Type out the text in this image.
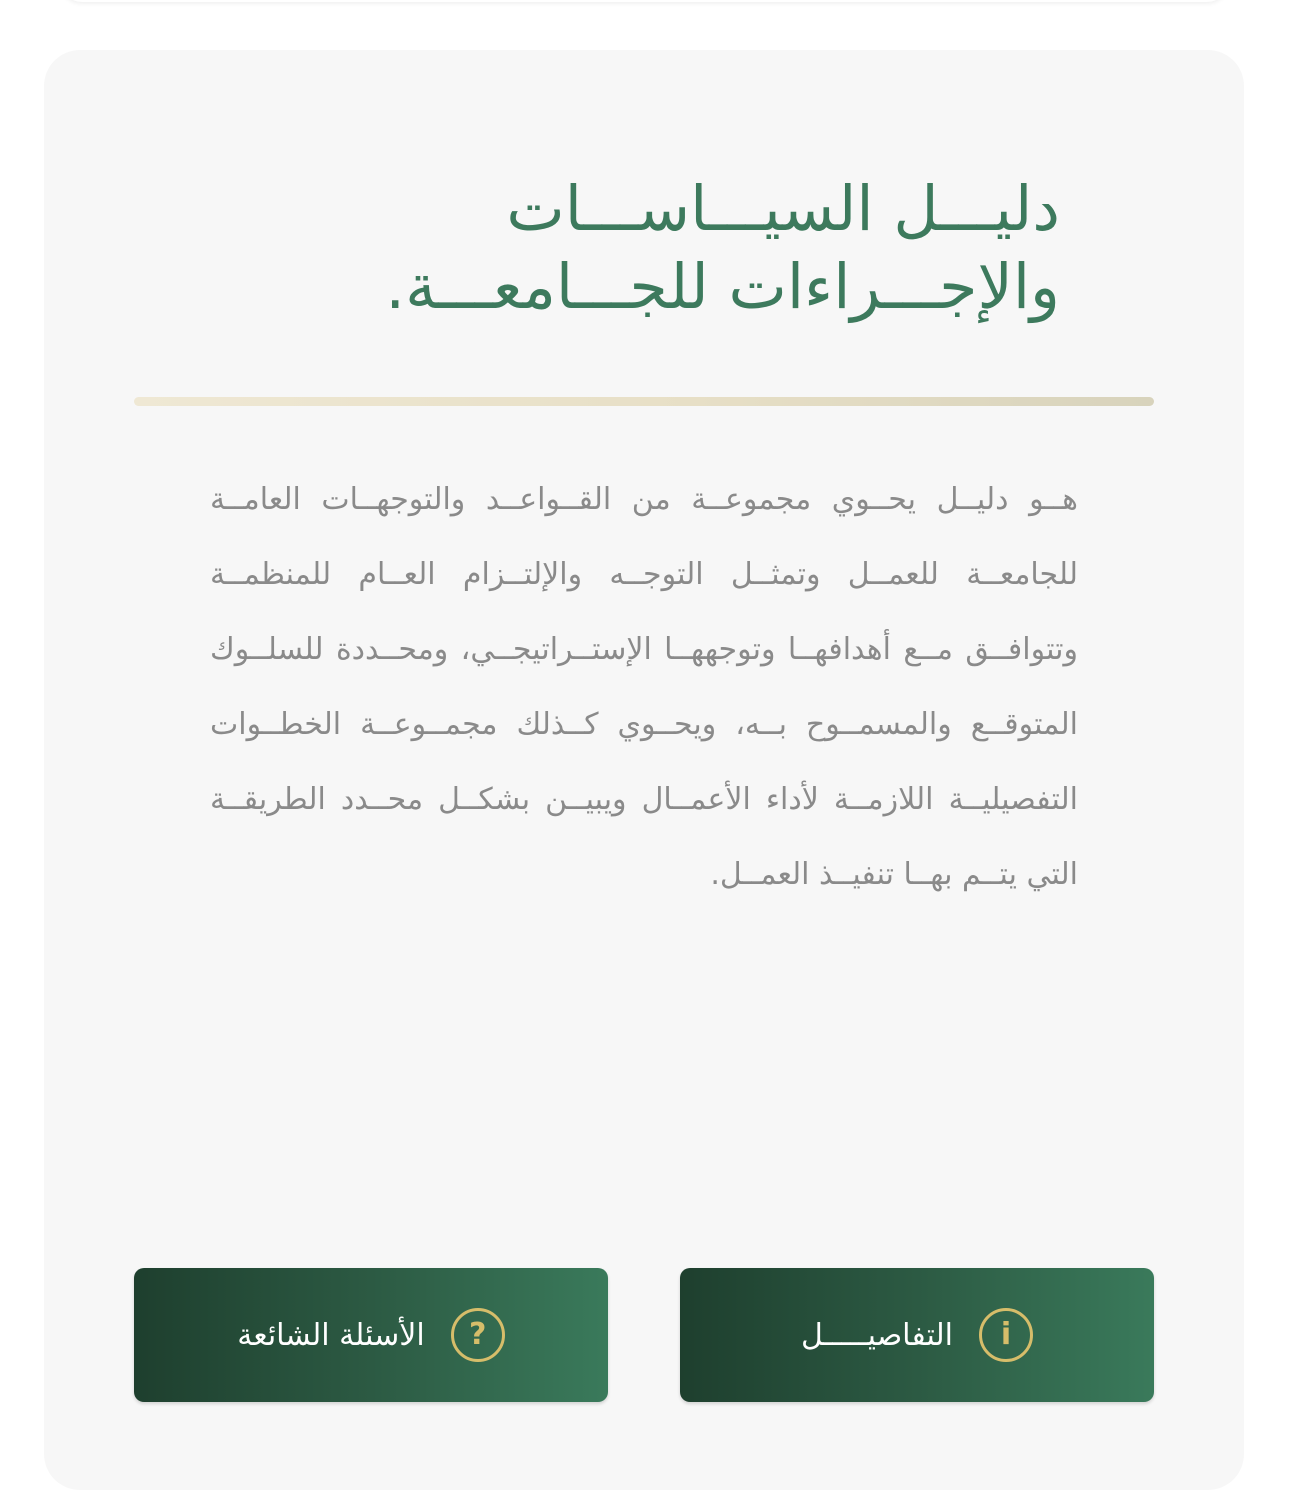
دليـــل السيـــاســـات والإجـــراءات للجـــامعـــة.

هــو دليــل يحــوي مجموعــة من القــواعــد والتوجهــات العامــة للجامعــة للعمــل وتمثــل التوجــه والإلتــزام العــام للمنظمــة وتتوافــق مــع أهدافهــا وتوجههــا الإستــراتيجــي، ومحــددة للسلــوك المتوقــع والمسمــوح بــه، ويحــوي كــذلك مجمــوعــة الخطــوات التفصيليــة اللازمــة لأداء الأعمــال ويبيــن بشكــل محــدد الطريقــة التي يتــم بهــا تنفيــذ العمــل.

?
الأسئلة الشائعة	i
التفاصيـــــل
